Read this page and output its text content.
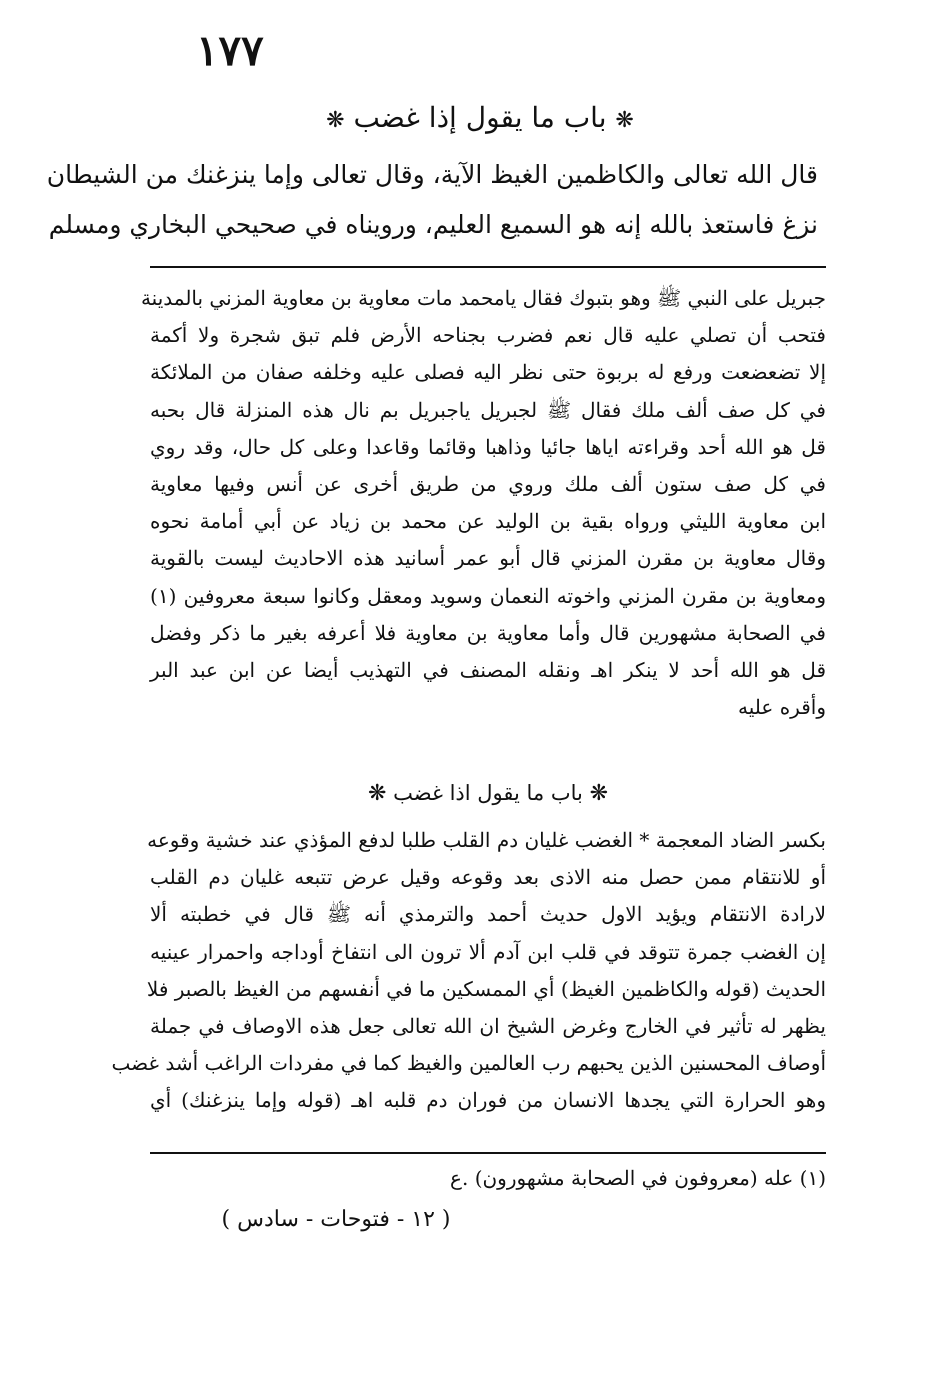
١٧٧
❋ باب ما يقول إذا غضب ❋

قال الله تعالى والكاظمين الغيظ الآية، وقال تعالى وإما ينزغنك من الشيطان

نزغ فاستعذ بالله إنه هو السميع العليم، ورويناه في صحيحي البخاري ومسلم

جبريل على النبي ﷺ وهو بتبوك فقال يامحمد مات معاوية بن معاوية المزني بالمدينة

فتحب أن تصلي عليه قال نعم فضرب بجناحه الأرض فلم تبق شجرة ولا أكمة

إلا تضعضعت ورفع له بربوة حتى نظر اليه فصلى عليه وخلفه صفان من الملائكة

في كل صف ألف ملك فقال ﷺ لجبريل ياجبريل بم نال هذه المنزلة قال بحبه

قل هو الله أحد وقراءته اياها جائيا وذاهبا وقائما وقاعدا وعلى كل حال، وقد روي

في كل صف ستون ألف ملك وروي من طريق أخرى عن أنس وفيها معاوية

ابن معاوية الليثي ورواه بقية بن الوليد عن محمد بن زياد عن أبي أمامة نحوه

وقال معاوية بن مقرن المزني قال أبو عمر أسانيد هذه الاحاديث ليست بالقوية

ومعاوية بن مقرن المزني واخوته النعمان وسويد ومعقل وكانوا سبعة معروفين (١)

في الصحابة مشهورين قال وأما معاوية بن معاوية فلا أعرفه بغير ما ذكر وفضل

قل هو الله أحد لا ينكر اهـ ونقله المصنف في التهذيب أيضا عن ابن عبد البر

وأقره عليه

❋ باب ما يقول اذا غضب ❋

بكسر الضاد المعجمة * الغضب غليان دم القلب طلبا لدفع المؤذي عند خشية وقوعه

أو للانتقام ممن حصل منه الاذى بعد وقوعه وقيل عرض تتبعه غليان دم القلب

لارادة الانتقام ويؤيد الاول حديث أحمد والترمذي أنه ﷺ قال في خطبته ألا

إن الغضب جمرة تتوقد في قلب ابن آدم ألا ترون الى انتفاخ أوداجه واحمرار عينيه

الحديث (قوله والكاظمين الغيظ) أي الممسكين ما في أنفسهم من الغيظ بالصبر فلا

يظهر له تأثير في الخارج وغرض الشيخ ان الله تعالى جعل هذه الاوصاف في جملة

أوصاف المحسنين الذين يحبهم رب العالمين والغيظ كما في مفردات الراغب أشد غضب

وهو الحرارة التي يجدها الانسان من فوران دم قلبه اهـ (قوله وإما ينزغنك) أي

(١) عله (معروفون في الصحابة مشهورون) .ع
( ١٢ - فتوحات - سادس )
